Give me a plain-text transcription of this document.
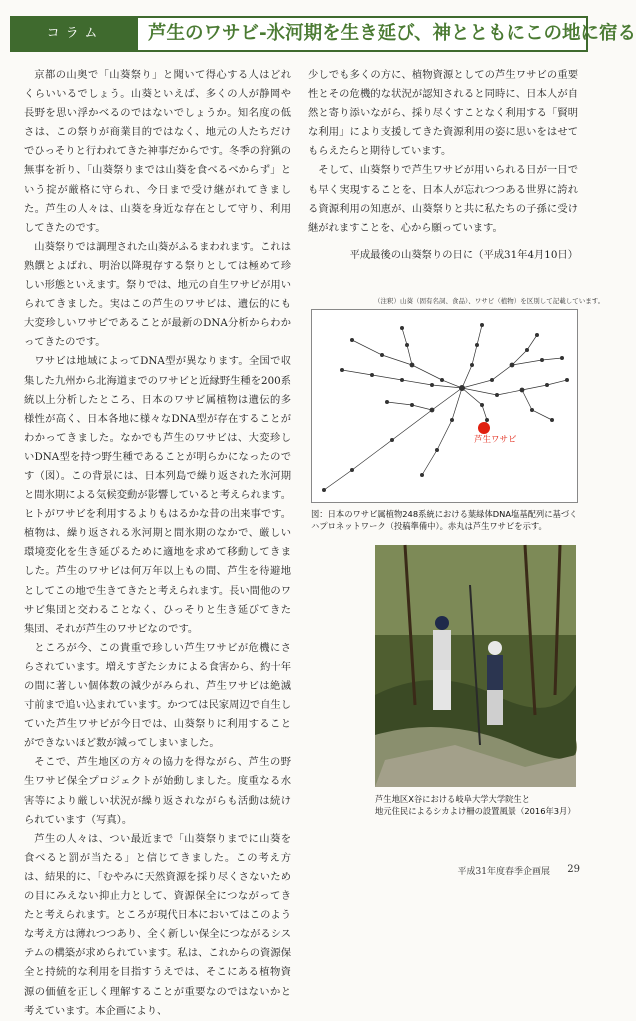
コラム	芦生のワサビ-氷河期を生き延び、神とともにこの地に宿る

京都の山奥で「山葵祭り」と聞いて得心する人はどれくらいいるでしょう。山葵といえば、多くの人が静岡や長野を思い浮かべるのではないでしょうか。知名度の低さは、この祭りが商業目的ではなく、地元の人たちだけでひっそりと行われてきた神事だからです。冬季の狩猟の無事を祈り、「山葵祭りまでは山葵を食べるべからず」という掟が厳格に守られ、今日まで受け継がれてきました。芦生の人々は、山葵を身近な存在として守り、利用してきたのです。

山葵祭りでは調理された山葵がふるまわれます。これは熟饌とよばれ、明治以降現存する祭りとしては極めて珍しい形態といえます。祭りでは、地元の自生ワサビが用いられてきました。実はこの芦生のワサビは、遺伝的にも大変珍しいワサビであることが最新のDNA分析からわかってきたのです。

ワサビは地域によってDNA型が異なります。全国で収集した九州から北海道までのワサビと近縁野生種を200系統以上分析したところ、日本のワサビ属植物は遺伝的多様性が高く、日本各地に様々なDNA型が存在することがわかってきました。なかでも芦生のワサビは、大変珍しいDNA型を持つ野生種であることが明らかになったのです（図）。この背景には、日本列島で繰り返された氷河期と間氷期による気候変動が影響していると考えられます。ヒトがワサビを利用するよりもはるかな昔の出来事です。植物は、繰り返される氷河期と間氷期のなかで、厳しい環境変化を生き延びるために適地を求めて移動してきました。芦生のワサビは何万年以上もの間、芦生を待避地としてこの地で生きてきたと考えられます。長い間他のワサビ集団と交わることなく、ひっそりと生き延びてきた集団、それが芦生のワサビなのです。

ところが今、この貴重で珍しい芦生ワサビが危機にさらされています。増えすぎたシカによる食害から、約十年の間に著しい個体数の減少がみられ、芦生ワサビは絶滅寸前まで追い込まれています。かつては民家周辺で自生していた芦生ワサビが今日では、山葵祭りに利用することができないほど数が減ってしまいました。

そこで、芦生地区の方々の協力を得ながら、芦生の野生ワサビ保全プロジェクトが始動しました。度重なる水害等により厳しい状況が繰り返されながらも活動は続けられています（写真）。

芦生の人々は、つい最近まで「山葵祭りまでに山葵を食べると罰が当たる」と信じてきました。この考え方は、結果的に、「むやみに天然資源を採り尽くさないための目にみえない抑止力として、資源保全につながってきたと考えられます。ところが現代日本においてはこのような考え方は薄れつつあり、全く新しい保全につながるシステムの構築が求められています。私は、これからの資源保全と持続的な利用を目指すうえでは、そこにある植物資源の価値を正しく理解することが重要なのではないかと考えています。本企画により、

少しでも多くの方に、植物資源としての芦生ワサビの重要性とその危機的な状況が認知されると同時に、日本人が自然と寄り添いながら、採り尽くすことなく利用する「賢明な利用」により支援してきた資源利用の姿に思いをはせてもらえたらと期待しています。

そして、山葵祭りで芦生ワサビが用いられる日が一日でも早く実現することを、日本人が忘れつつある世界に誇れる資源利用の知恵が、山葵祭りと共に私たちの子孫に受け継がれますことを、心から願っています。

平成最後の山葵祭りの日に（平成31年4月10日）
（注釈）山葵（固有名詞、食品）、ワサビ（植物）を区別して記載しています。
芦生ワサビ
図：日本のワサビ属植物248系統における葉緑体DNA塩基配列に基づくハプロネットワーク（投稿準備中）。赤丸は芦生ワサビを示す。
芦生地区X谷における岐阜大学大学院生と
地元住民によるシカよけ柵の設置風景（2016年3月）
平成31年度春季企画展 29
